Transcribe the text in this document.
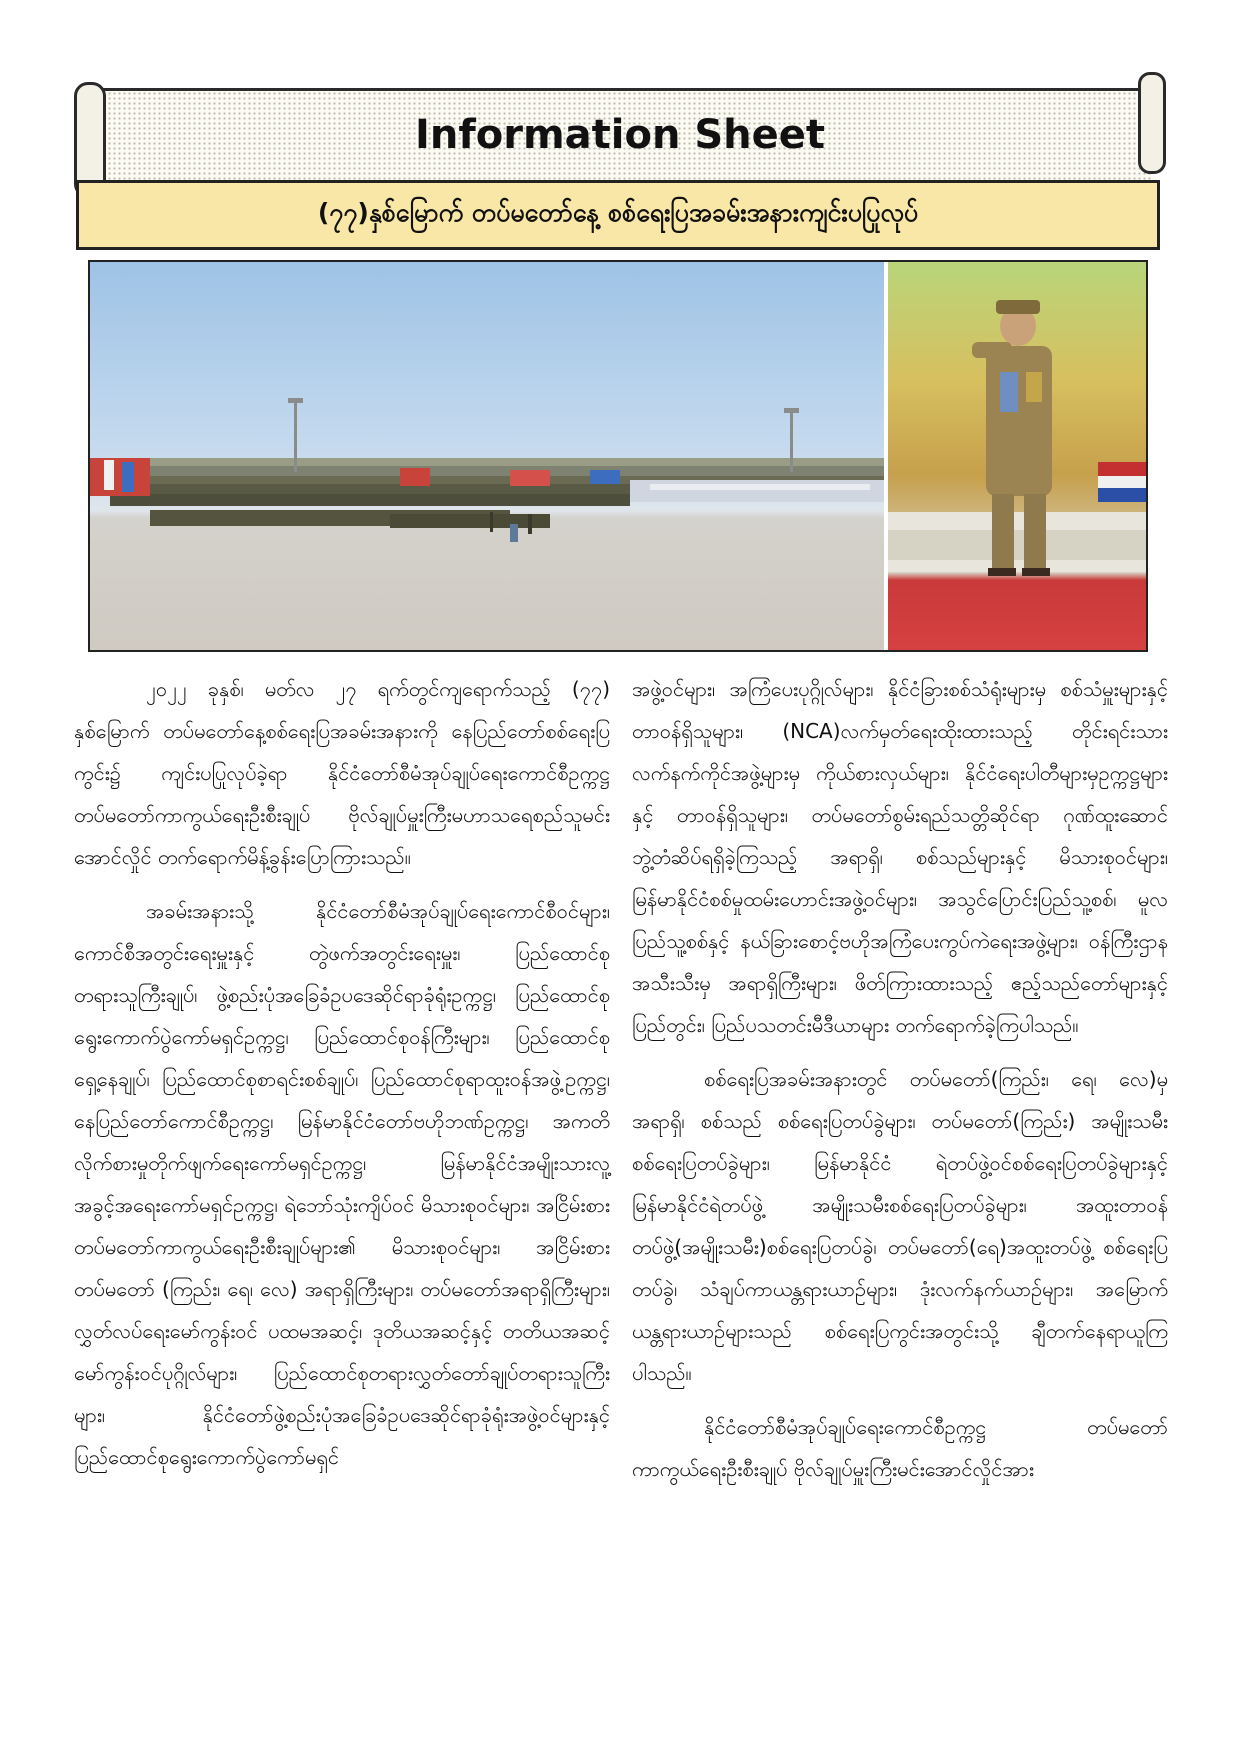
Information Sheet
(၇၇)နှစ်မြောက် တပ်မတော်နေ့ စစ်ရေးပြအခမ်းအနားကျင်းပပြုလုပ်

၂၀၂၂ ခုနှစ်၊ မတ်လ ၂၇ ရက်တွင်ကျရောက်သည့် (၇၇) နှစ်မြောက် တပ်မတော်နေ့စစ်ရေးပြအခမ်းအနားကို နေပြည်တော်စစ်ရေးပြကွင်း၌ ကျင်းပပြုလုပ်ခဲ့ရာ နိုင်ငံတော်စီမံအုပ်ချုပ်ရေးကောင်စီဥက္ကဋ္ဌ တပ်မတော်ကာကွယ်ရေးဦးစီးချုပ် ဗိုလ်ချုပ်မှူးကြီးမဟာသရေစည်သူမင်းအောင်လှိုင် တက်ရောက်မိန့်ခွန်းပြောကြားသည်။

အခမ်းအနားသို့ နိုင်ငံတော်စီမံအုပ်ချုပ်ရေးကောင်စီဝင်များ၊ ကောင်စီအတွင်းရေးမှူးနှင့် တွဲဖက်အတွင်းရေးမှူး၊ ပြည်ထောင်စုတရားသူကြီးချုပ်၊ ဖွဲ့စည်းပုံအခြေခံဥပဒေဆိုင်ရာခုံရုံးဥက္ကဋ္ဌ၊ ပြည်ထောင်စုရွေးကောက်ပွဲကော်မရှင်ဥက္ကဋ္ဌ၊ ပြည်ထောင်စုဝန်ကြီးများ၊ ပြည်ထောင်စုရှေ့နေချုပ်၊ ပြည်ထောင်စုစာရင်းစစ်ချုပ်၊ ပြည်ထောင်စုရာထူးဝန်အဖွဲ့ဥက္ကဋ္ဌ၊ နေပြည်တော်ကောင်စီဥက္ကဋ္ဌ၊ မြန်မာနိုင်ငံတော်ဗဟိုဘဏ်ဥက္ကဋ္ဌ၊ အကတိလိုက်စားမှုတိုက်ဖျက်ရေးကော်မရှင်ဥက္ကဋ္ဌ၊ မြန်မာနိုင်ငံအမျိုးသားလူ့အခွင့်အရေးကော်မရှင်ဥက္ကဋ္ဌ၊ ရဲဘော်သုံးကျိပ်ဝင် မိသားစုဝင်များ၊ အငြိမ်းစားတပ်မတော်ကာကွယ်ရေးဦးစီးချုပ်များ၏ မိသားစုဝင်များ၊ အငြိမ်းစားတပ်မတော် (ကြည်း၊ ရေ၊ လေ) အရာရှိကြီးများ၊ တပ်မတော်အရာရှိကြီးများ၊ လွှတ်လပ်ရေးမော်ကွန်းဝင် ပထမအဆင့်၊ ဒုတိယအဆင့်နှင့် တတိယအဆင့်မော်ကွန်းဝင်ပုဂ္ဂိုလ်များ၊ ပြည်ထောင်စုတရားလွှတ်တော်ချုပ်တရားသူကြီးများ၊ နိုင်ငံတော်ဖွဲ့စည်းပုံအခြေခံဥပဒေဆိုင်ရာခုံရုံးအဖွဲ့ဝင်များနှင့် ပြည်ထောင်စုရွေးကောက်ပွဲကော်မရှင်

အဖွဲ့ဝင်များ၊ အကြံပေးပုဂ္ဂိုလ်များ၊ နိုင်ငံခြားစစ်သံရုံးများမှ စစ်သံမှူးများနှင့် တာဝန်ရှိသူများ၊ (NCA)လက်မှတ်ရေးထိုးထားသည့် တိုင်းရင်းသားလက်နက်ကိုင်အဖွဲ့များမှ ကိုယ်စားလှယ်များ၊ နိုင်ငံရေးပါတီများမှဥက္ကဋ္ဌများနှင့် တာဝန်ရှိသူများ၊ တပ်မတော်စွမ်းရည်သတ္တိဆိုင်ရာ ဂုဏ်ထူးဆောင်ဘွဲ့တံဆိပ်ရရှိခဲ့ကြသည့် အရာရှိ၊ စစ်သည်များနှင့် မိသားစုဝင်များ၊ မြန်မာနိုင်ငံစစ်မှုထမ်းဟောင်းအဖွဲ့ဝင်များ၊ အသွင်ပြောင်းပြည်သူ့စစ်၊ မူလပြည်သူ့စစ်နှင့် နယ်ခြားစောင့်ဗဟိုအကြံပေးကွပ်ကဲရေးအဖွဲ့များ၊ ဝန်ကြီးဌာနအသီးသီးမှ အရာရှိကြီးများ၊ ဖိတ်ကြားထားသည့် ဧည့်သည်တော်များနှင့် ပြည်တွင်း၊ ပြည်ပသတင်းမီဒီယာများ တက်ရောက်ခဲ့ကြပါသည်။

စစ်ရေးပြအခမ်းအနားတွင် တပ်မတော်(ကြည်း၊ ရေ၊ လေ)မှ အရာရှိ၊ စစ်သည် စစ်ရေးပြတပ်ခွဲများ၊ တပ်မတော်(ကြည်း) အမျိုးသမီးစစ်ရေးပြတပ်ခွဲများ၊ မြန်မာနိုင်ငံ ရဲတပ်ဖွဲ့ဝင်စစ်ရေးပြတပ်ခွဲများနှင့် မြန်မာနိုင်ငံရဲတပ်ဖွဲ့ အမျိုးသမီးစစ်ရေးပြတပ်ခွဲများ၊ အထူးတာဝန်တပ်ဖွဲ့(အမျိုးသမီး)စစ်ရေးပြတပ်ခွဲ၊ တပ်မတော်(ရေ)အထူးတပ်ဖွဲ့ စစ်ရေးပြတပ်ခွဲ၊ သံချပ်ကာယန္တရားယာဉ်များ၊ ဒုံးလက်နက်ယာဉ်များ၊ အမြောက်ယန္တရားယာဉ်များသည် စစ်ရေးပြကွင်းအတွင်းသို့ ချီတက်နေရာယူကြပါသည်။

နိုင်ငံတော်စီမံအုပ်ချုပ်ရေးကောင်စီဥက္ကဋ္ဌ တပ်မတော်ကာကွယ်ရေးဦးစီးချုပ် ဗိုလ်ချုပ်မှူးကြီးမင်းအောင်လှိုင်အား
